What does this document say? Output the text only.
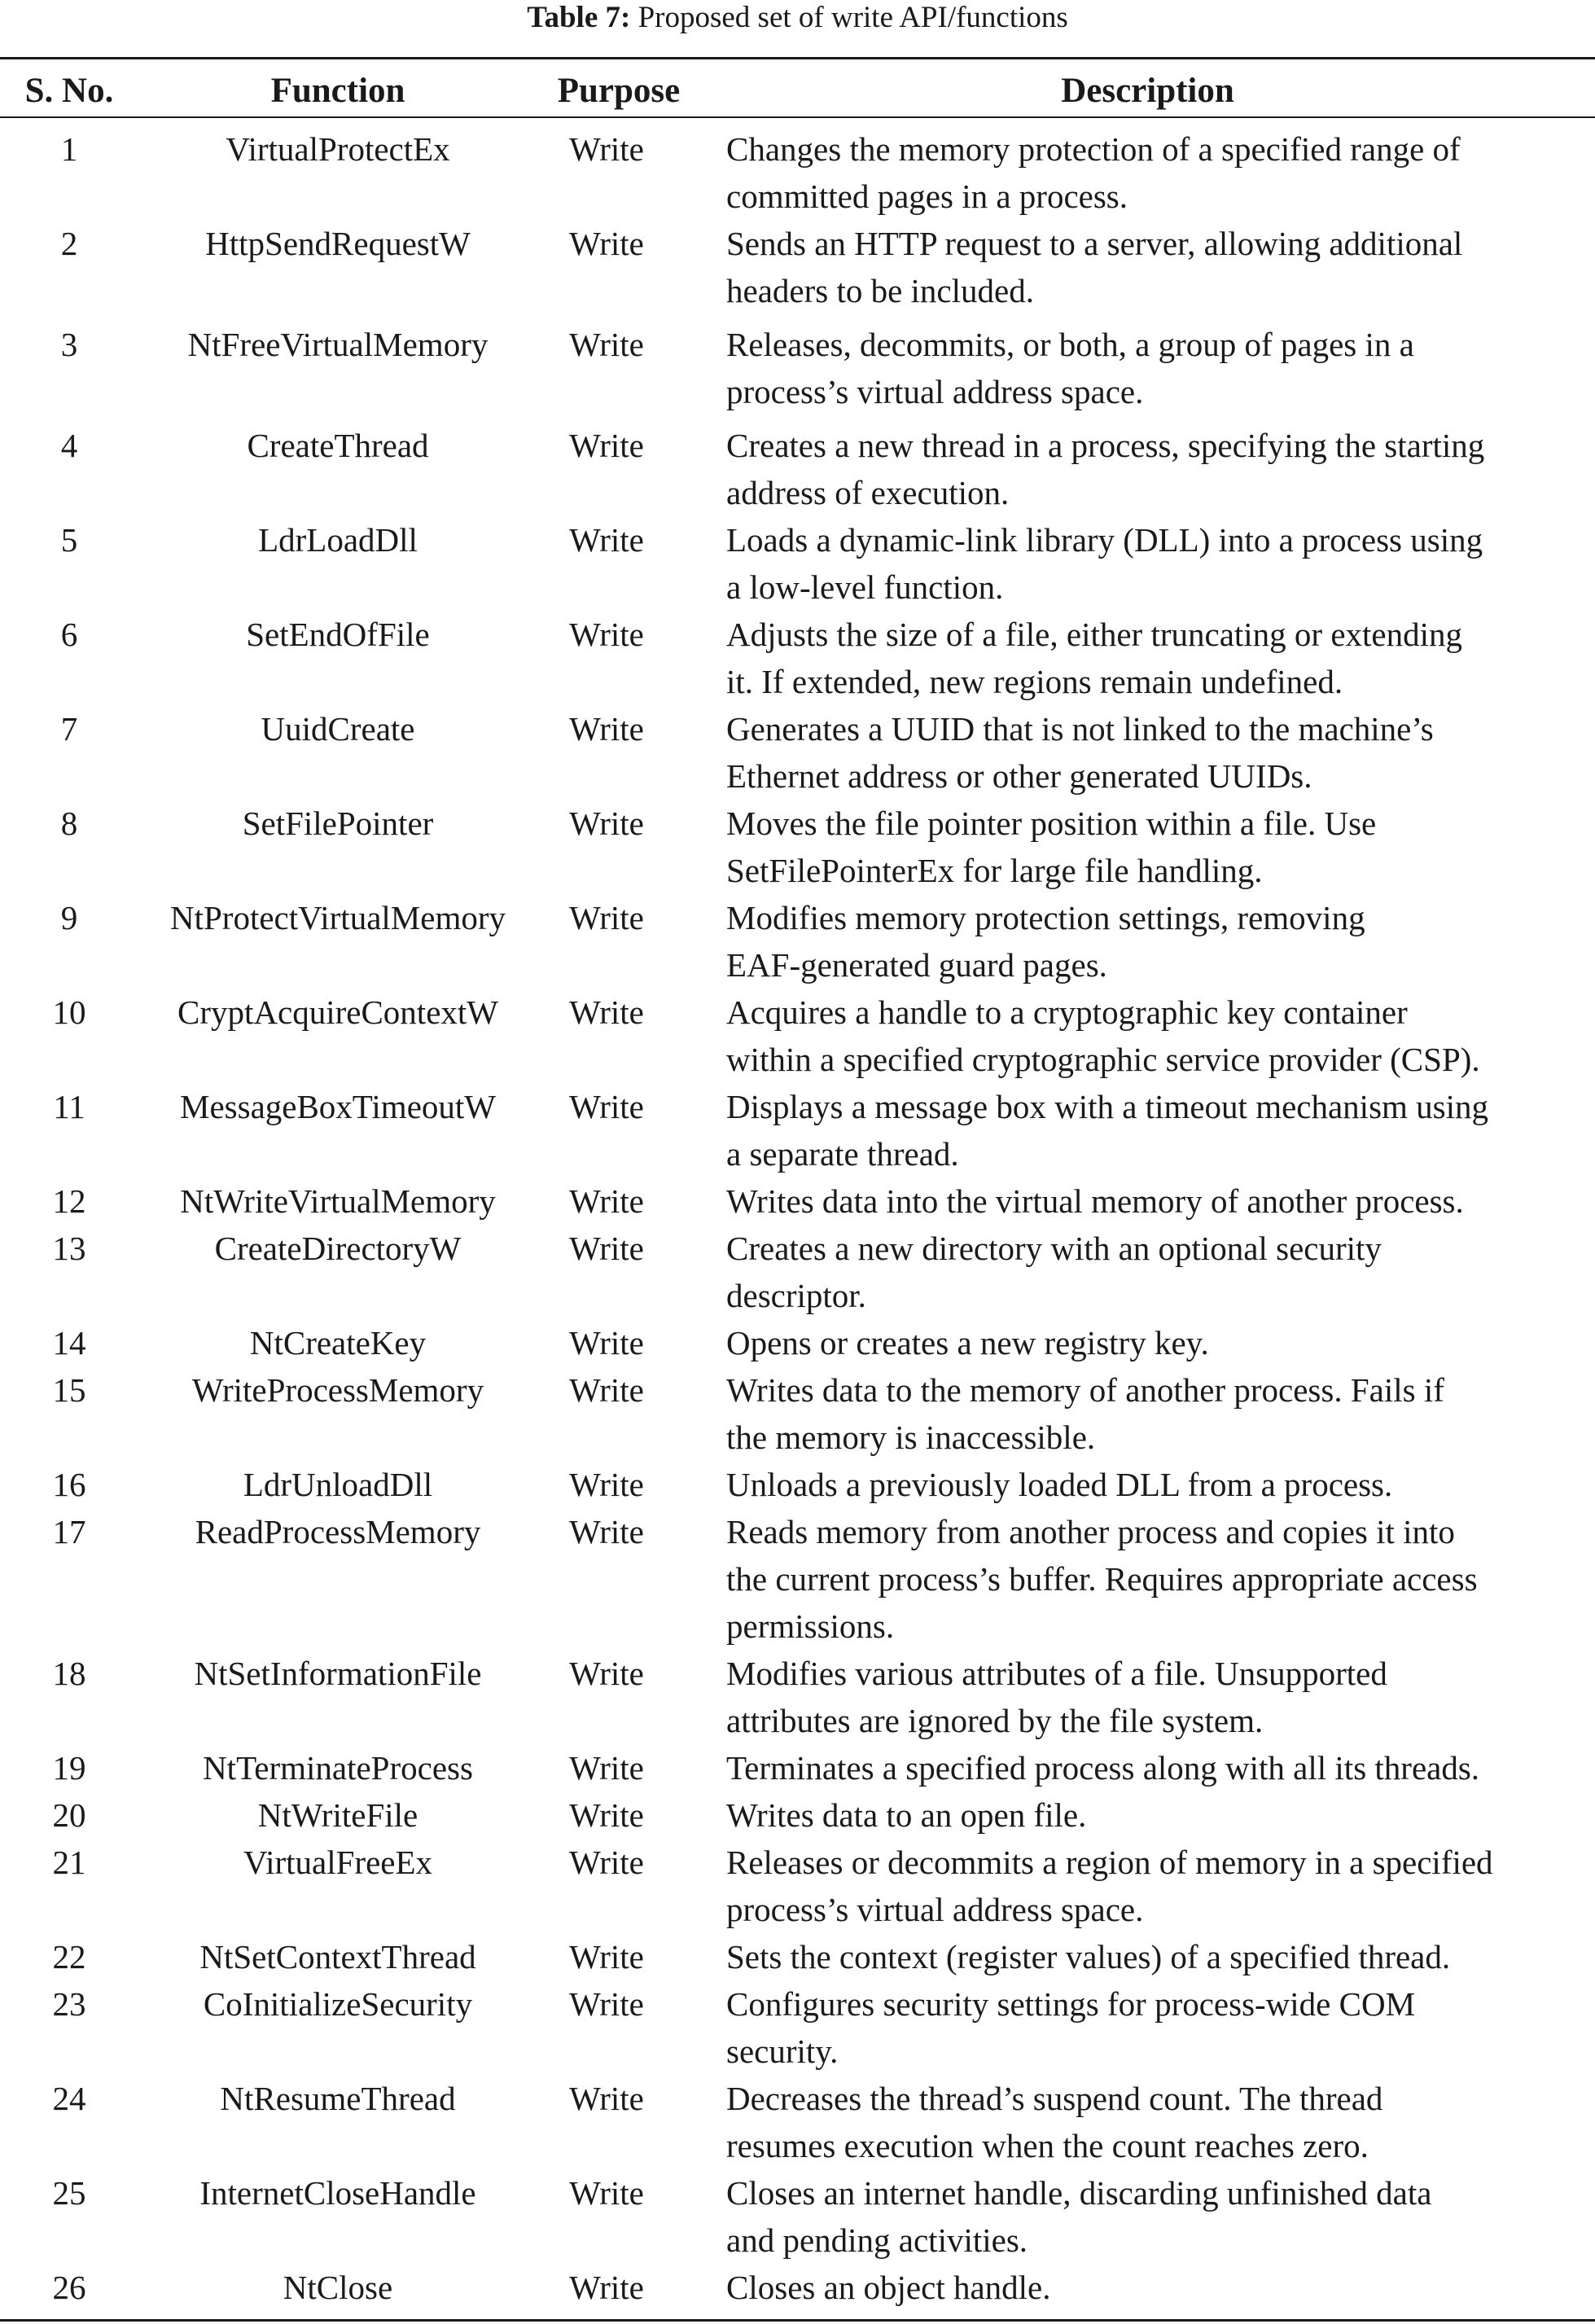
Table 7: Proposed set of write API/functions
S. No.	Function	Purpose	Description
1	VirtualProtectEx	Write	Changes the memory protection of a specified range of
committed pages in a process.
2	HttpSendRequestW	Write	Sends an HTTP request to a server, allowing additional
headers to be included.
3	NtFreeVirtualMemory	Write	Releases, decommits, or both, a group of pages in a
process’s virtual address space.
4	CreateThread	Write	Creates a new thread in a process, specifying the starting
address of execution.
5	LdrLoadDll	Write	Loads a dynamic-link library (DLL) into a process using
a low-level function.
6	SetEndOfFile	Write	Adjusts the size of a file, either truncating or extending
it. If extended, new regions remain undefined.
7	UuidCreate	Write	Generates a UUID that is not linked to the machine’s
Ethernet address or other generated UUIDs.
8	SetFilePointer	Write	Moves the file pointer position within a file. Use
SetFilePointerEx for large file handling.
9	NtProtectVirtualMemory	Write	Modifies memory protection settings, removing
EAF-generated guard pages.
10	CryptAcquireContextW	Write	Acquires a handle to a cryptographic key container
within a specified cryptographic service provider (CSP).
11	MessageBoxTimeoutW	Write	Displays a message box with a timeout mechanism using
a separate thread.
12	NtWriteVirtualMemory	Write	Writes data into the virtual memory of another process.
13	CreateDirectoryW	Write	Creates a new directory with an optional security
descriptor.
14	NtCreateKey	Write	Opens or creates a new registry key.
15	WriteProcessMemory	Write	Writes data to the memory of another process. Fails if
the memory is inaccessible.
16	LdrUnloadDll	Write	Unloads a previously loaded DLL from a process.
17	ReadProcessMemory	Write	Reads memory from another process and copies it into
the current process’s buffer. Requires appropriate access
permissions.
18	NtSetInformationFile	Write	Modifies various attributes of a file. Unsupported
attributes are ignored by the file system.
19	NtTerminateProcess	Write	Terminates a specified process along with all its threads.
20	NtWriteFile	Write	Writes data to an open file.
21	VirtualFreeEx	Write	Releases or decommits a region of memory in a specified
process’s virtual address space.
22	NtSetContextThread	Write	Sets the context (register values) of a specified thread.
23	CoInitializeSecurity	Write	Configures security settings for process-wide COM
security.
24	NtResumeThread	Write	Decreases the thread’s suspend count. The thread
resumes execution when the count reaches zero.
25	InternetCloseHandle	Write	Closes an internet handle, discarding unfinished data
and pending activities.
26	NtClose	Write	Closes an object handle.
